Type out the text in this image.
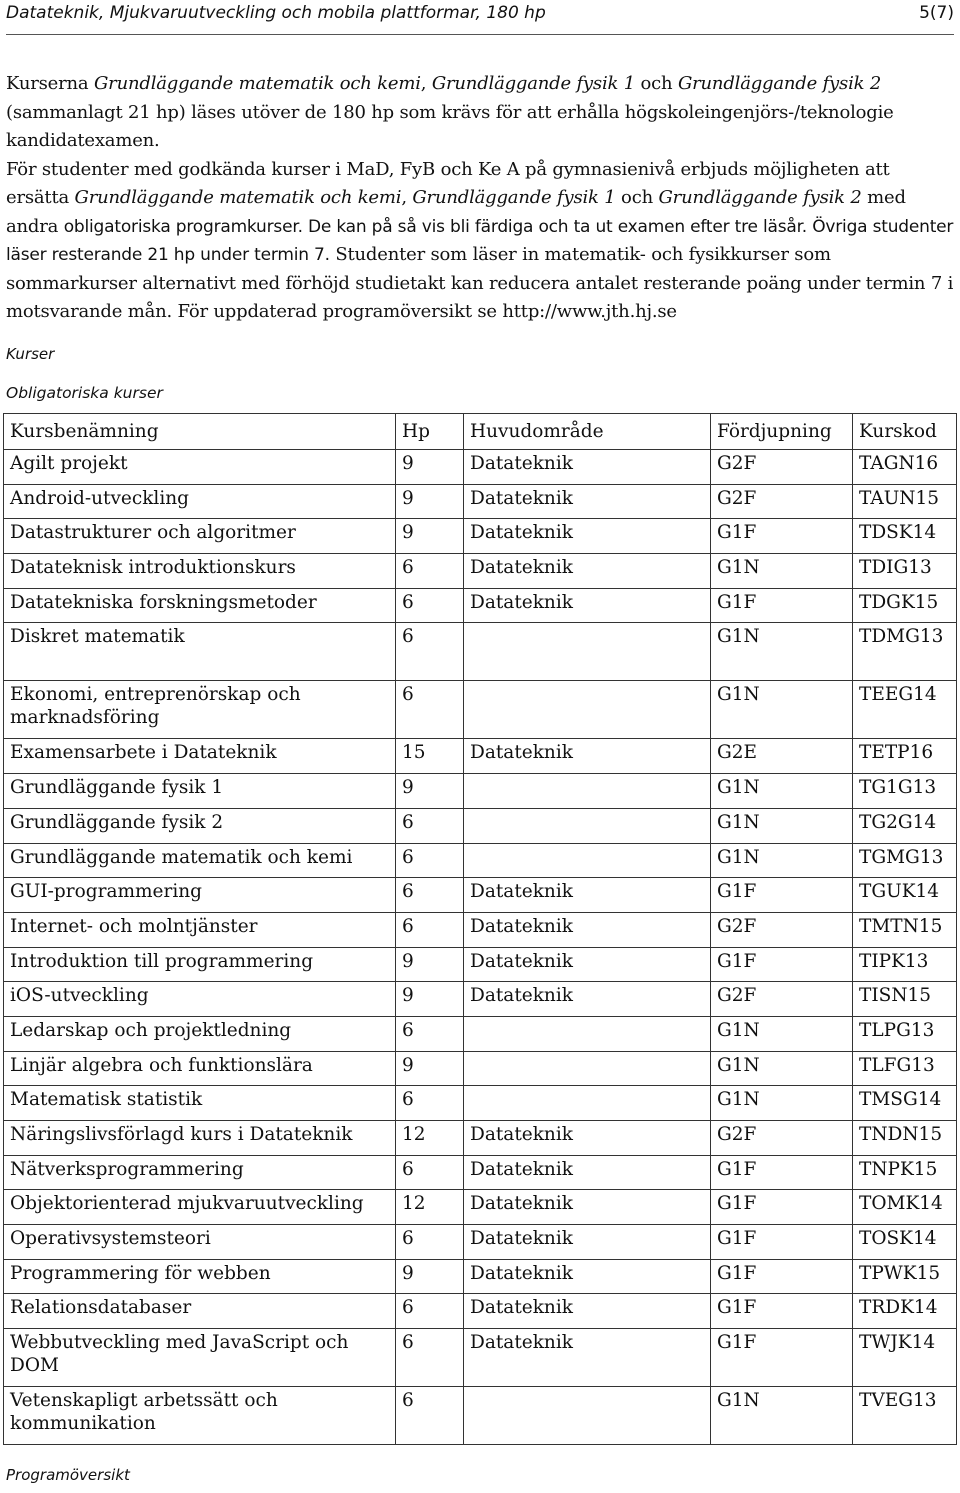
Datateknik, Mjukvaruutveckling och mobila plattformar, 180 hp	5(7)

Kurserna Grundläggande matematik och kemi, Grundläggande fysik 1 och Grundläggande fysik 2 (sammanlagt 21 hp) läses utöver de 180 hp som krävs för att erhålla högskoleingenjörs-/teknologie kandidatexamen.

För studenter med godkända kurser i MaD, FyB och Ke A på gymnasienivå erbjuds möjligheten att ersätta Grundläggande matematik och kemi, Grundläggande fysik 1 och Grundläggande fysik 2 med andra obligatoriska programkurser. De kan på så vis bli färdiga och ta ut examen efter tre läsår. Övriga studenter läser resterande 21 hp under termin 7. Studenter som läser in matematik- och fysikkurser som sommarkurser alternativt med förhöjd studietakt kan reducera antalet resterande poäng under termin 7 i motsvarande mån. För uppdaterad programöversikt se http://www.jth.hj.se

Kurser
Obligatoriska kurser
Kursbenämning	Hp	Huvudområde	Fördjupning	Kurskod
Agilt projekt	9	Datateknik	G2F	TAGN16
Android-utveckling	9	Datateknik	G2F	TAUN15
Datastrukturer och algoritmer	9	Datateknik	G1F	TDSK14
Datateknisk introduktionskurs	6	Datateknik	G1N	TDIG13
Datatekniska forskningsmetoder	6	Datateknik	G1F	TDGK15
Diskret matematik	6		G1N	TDMG13
Ekonomi, entreprenörskap och marknadsföring	6		G1N	TEEG14
Examensarbete i Datateknik	15	Datateknik	G2E	TETP16
Grundläggande fysik 1	9		G1N	TG1G13
Grundläggande fysik 2	6		G1N	TG2G14
Grundläggande matematik och kemi	6		G1N	TGMG13
GUI-programmering	6	Datateknik	G1F	TGUK14
Internet- och molntjänster	6	Datateknik	G2F	TMTN15
Introduktion till programmering	9	Datateknik	G1F	TIPK13
iOS-utveckling	9	Datateknik	G2F	TISN15
Ledarskap och projektledning	6		G1N	TLPG13
Linjär algebra och funktionslära	9		G1N	TLFG13
Matematisk statistik	6		G1N	TMSG14
Näringslivsförlagd kurs i Datateknik	12	Datateknik	G2F	TNDN15
Nätverksprogrammering	6	Datateknik	G1F	TNPK15
Objektorienterad mjukvaruutveckling	12	Datateknik	G1F	TOMK14
Operativsystemsteori	6	Datateknik	G1F	TOSK14
Programmering för webben	9	Datateknik	G1F	TPWK15
Relationsdatabaser	6	Datateknik	G1F	TRDK14
Webbutveckling med JavaScript och DOM	6	Datateknik	G1F	TWJK14
Vetenskapligt arbetssätt och kommunikation	6		G1N	TVEG13
Programöversikt
